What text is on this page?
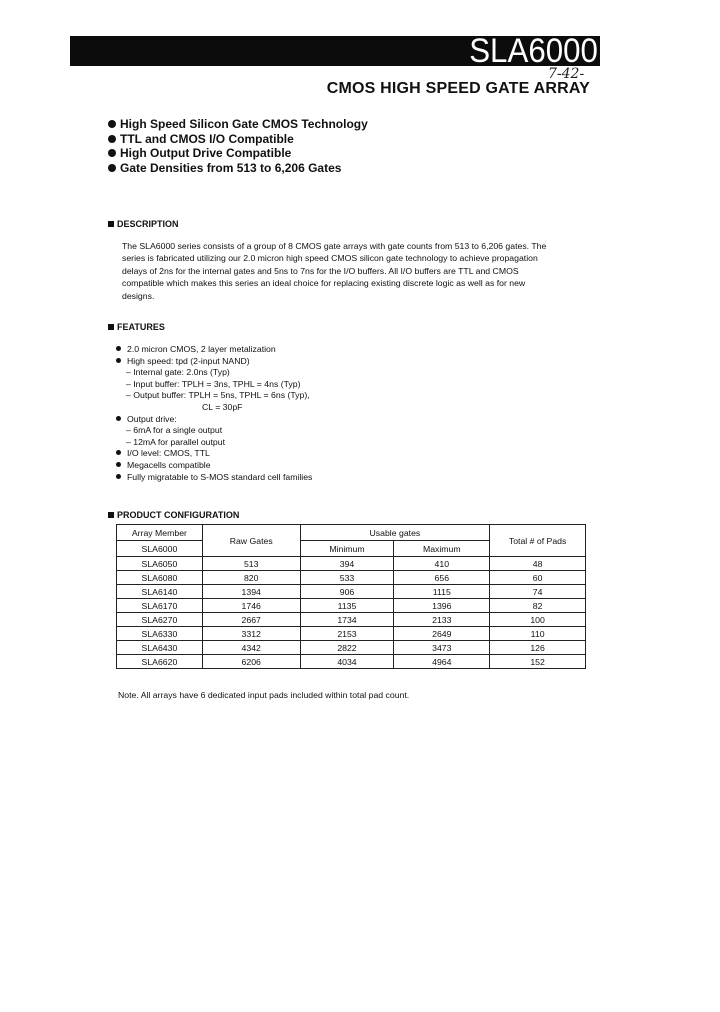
SLA6000
7-42-
CMOS HIGH SPEED GATE ARRAY
High Speed Silicon Gate CMOS Technology
TTL and CMOS I/O Compatible
High Output Drive Compatible
Gate Densities from 513 to 6,206 Gates
DESCRIPTION

The SLA6000 series consists of a group of 8 CMOS gate arrays with gate counts from 513 to 6,206 gates. The
series is fabricated utilizing our 2.0 micron high speed CMOS silicon gate technology to achieve propagation
delays of 2ns for the internal gates and 5ns to 7ns for the I/O buffers. All I/O buffers are TTL and CMOS
compatible which makes this series an ideal choice for replacing existing discrete logic as well as for new
designs.

FEATURES
2.0 micron CMOS, 2 layer metalization
High speed: tpd (2-input NAND)
– Internal gate: 2.0ns (Typ)
– Input buffer: TPLH = 3ns, TPHL = 4ns (Typ)
– Output buffer: TPLH = 5ns, TPHL = 6ns (Typ),
CL = 30pF
Output drive:
– 6mA for a single output
– 12mA for parallel output
I/O level: CMOS, TTL
Megacells compatible
Fully migratable to S-MOS standard cell families
PRODUCT CONFIGURATION
Array Member	Raw Gates	Usable gates		Total # of Pads
SLA6000		Minimum	Maximum	
SLA6050	513	394	410	48
SLA6080	820	533	656	60
SLA6140	1394	906	1115	74
SLA6170	1746	1135	1396	82
SLA6270	2667	1734	2133	100
SLA6330	3312	2153	2649	110
SLA6430	4342	2822	3473	126
SLA6620	6206	4034	4964	152
Note. All arrays have 6 dedicated input pads included within total pad count.
